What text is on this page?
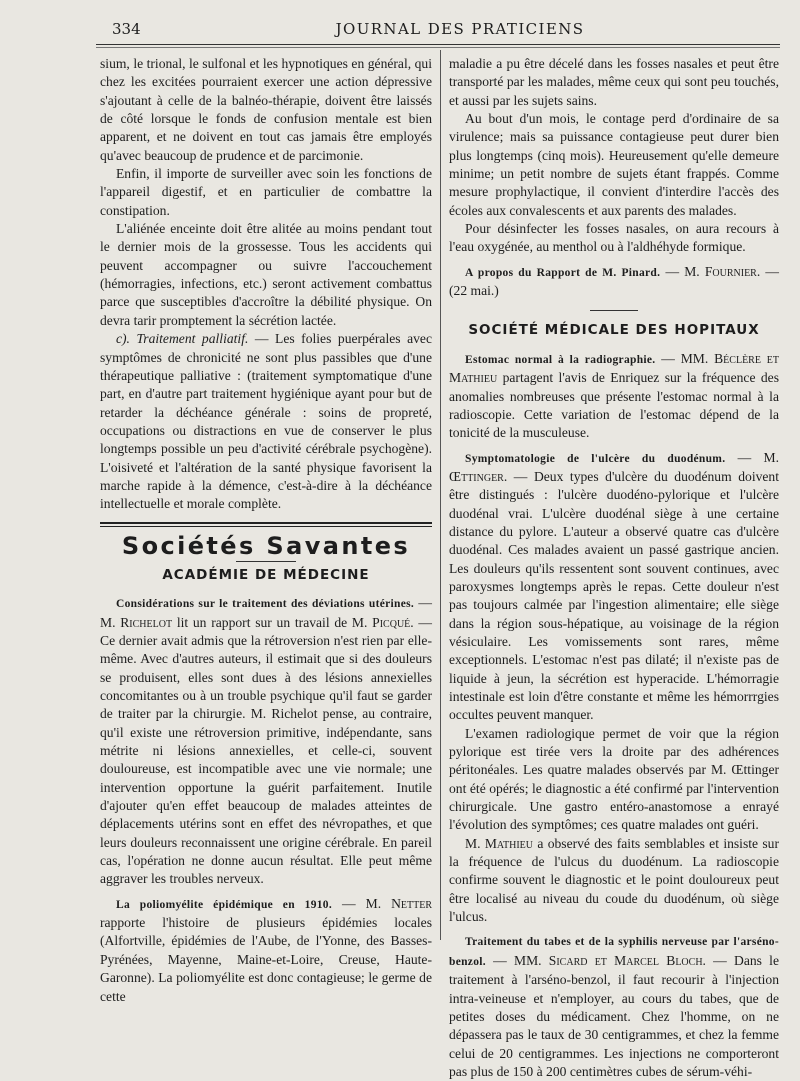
334	JOURNAL DES PRATICIENS

sium, le trional, le sulfonal et les hypnotiques en général, qui chez les excitées pourraient exercer une action dépressive s'ajoutant à celle de la balnéo-thérapie, doivent être laissés de côté lorsque le fonds de confusion mentale est bien apparent, et ne doivent en tout cas jamais être employés qu'avec beaucoup de prudence et de parcimonie.

Enfin, il importe de surveiller avec soin les fonctions de l'appareil digestif, et en particulier de combattre la constipation.

L'aliénée enceinte doit être alitée au moins pendant tout le dernier mois de la grossesse. Tous les accidents qui peuvent accompagner ou suivre l'accouchement (hémorragies, infections, etc.) seront activement combattus parce que susceptibles d'accroître la débilité physique. On devra tarir promptement la sécrétion lactée.

c). Traitement palliatif. — Les folies puerpérales avec symptômes de chronicité ne sont plus passibles que d'une thérapeutique palliative : (traitement symptomatique d'une part, en d'autre part traitement hygiénique ayant pour but de retarder la déchéance générale : soins de propreté, occupations ou distractions en vue de conserver le plus longtemps possible un peu d'activité cérébrale psychogène). L'oisiveté et l'altération de la santé physique favorisent la marche rapide à la démence, c'est-à-dire à la déchéance intellectuelle et morale complète.

Sociétés Savantes
ACADÉMIE DE MÉDECINE

Considérations sur le traitement des déviations utérines. — M. Richelot lit un rapport sur un travail de M. Picqué. — Ce dernier avait admis que la rétroversion n'est rien par elle-même. Avec d'autres auteurs, il estimait que si des douleurs se produisent, elles sont dues à des lésions annexielles concomitantes ou à un trouble psychique qu'il faut se garder de traiter par la chirurgie. M. Richelot pense, au contraire, qu'il existe une rétroversion primitive, indépendante, sans métrite ni lésions annexielles, et celle-ci, souvent douloureuse, est incompatible avec une vie normale; une intervention opportune la guérit parfaitement. Inutile d'ajouter qu'en effet beaucoup de malades atteintes de déplacements utérins sont en effet des névropathes, et que leurs douleurs reconnaissent une origine cérébrale. En pareil cas, l'opération ne donne aucun résultat. Elle peut même aggraver les troubles nerveux.

La poliomyélite épidémique en 1910. — M. Netter rapporte l'histoire de plusieurs épidémies locales (Alfortville, épidémies de l'Aube, de l'Yonne, des Basses-Pyrénées, Mayenne, Maine-et-Loire, Creuse, Haute-Garonne). La poliomyélite est donc contagieuse; le germe de cette

maladie a pu être décelé dans les fosses nasales et peut être transporté par les malades, même ceux qui sont peu touchés, et aussi par les sujets sains.

Au bout d'un mois, le contage perd d'ordinaire de sa virulence; mais sa puissance contagieuse peut durer bien plus longtemps (cinq mois). Heureusement qu'elle demeure minime; un petit nombre de sujets étant frappés. Comme mesure prophylactique, il convient d'interdire l'accès des écoles aux convalescents et aux parents des malades.

Pour désinfecter les fosses nasales, on aura recours à l'eau oxygénée, au menthol ou à l'aldhéhyde formique.

A propos du Rapport de M. Pinard. — M. Fournier. — (22 mai.)

SOCIÉTÉ MÉDICALE DES HOPITAUX

Estomac normal à la radiographie. — MM. Béclère et Mathieu partagent l'avis de Enriquez sur la fréquence des anomalies nombreuses que présente l'estomac normal à la radioscopie. Cette variation de l'estomac dépend de la tonicité de la musculeuse.

Symptomatologie de l'ulcère du duodénum. — M. Œttinger. — Deux types d'ulcère du duodénum doivent être distingués : l'ulcère duodéno-pylorique et l'ulcère duodénal vrai. L'ulcère duodénal siège à une certaine distance du pylore. L'auteur a observé quatre cas d'ulcère duodénal. Ces malades avaient un passé gastrique ancien. Les douleurs qu'ils ressentent sont souvent continues, avec paroxysmes longtemps après le repas. Cette douleur n'est pas toujours calmée par l'ingestion alimentaire; elle siège dans la région sous-hépatique, au voisinage de la région vésiculaire. Les vomissements sont rares, même exceptionnels. L'estomac n'est pas dilaté; il n'existe pas de liquide à jeun, la sécrétion est hyperacide. L'hémorragie intestinale est loin d'être constante et même les hémorrrgies occultes peuvent manquer.

L'examen radiologique permet de voir que la région pylorique est tirée vers la droite par des adhérences péritonéales. Les quatre malades observés par M. Œttinger ont été opérés; le diagnostic a été confirmé par l'intervention chirurgicale. Une gastro entéro-anastomose a enrayé l'évolution des symptômes; ces quatre malades ont guéri.

M. Mathieu a observé des faits semblables et insiste sur la fréquence de l'ulcus du duodénum. La radioscopie confirme souvent le diagnostic et le point douloureux peut être localisé au niveau du coude du duodénum, où siège l'ulcus.

Traitement du tabes et de la syphilis nerveuse par l'arséno-benzol. — MM. Sicard et Marcel Bloch. — Dans le traitement à l'arséno-benzol, il faut recourir à l'injection intra-veineuse et n'employer, au cours du tabes, que de petites doses du médicament. Chez l'homme, on ne dépassera pas le taux de 30 centigrammes, et chez la femme celui de 20 centigrammes. Les injections ne comporteront pas plus de 150 à 200 centimètres cubes de sérum-véhi-
